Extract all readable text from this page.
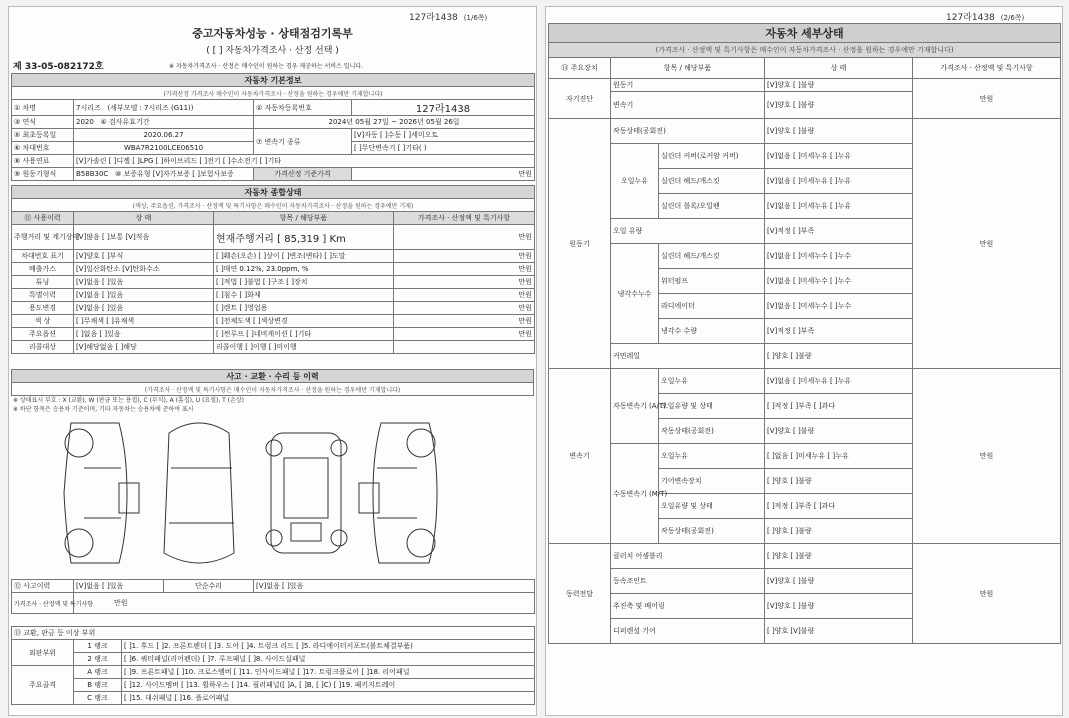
127라1438 (1/6쪽)
중고자동차성능 · 상태점검기록부
( [ ] 자동차가격조사 · 산정 선택 )
제 33-05-082172호	※ 자동차가격조사 · 산정은 매수인이 원하는 경우 제공하는 서비스 입니다.
자동차 기본정보			
(가격산정 가격조사 매수인이 자동차가격조사 · 산정을 원하는 경우에만 기재합니다)			
① 차명	7시리즈 (세부모델 : 7시리즈 (G11))	② 자동차등록번호	127라1438
③ 연식	2020 ④ 검사유효기간	2024년 05월 27일 ~ 2026년 05월 26일	
⑤ 최초등록일	2020.06.27	⑦ 변속기 종류	[V]자동 [ ]수동 [ ]세미오토
⑥ 차대번호	WBA7R2100LCE06510		[ ]무단변속기 [ ]기타( )
⑧ 사용연료	[V]가솔린 [ ]디젤 [ ]LPG [ ]하이브리드 [ ]전기 [ ]수소전기 [ ]기타		
⑨ 원동기형식	B58B30C ⑩ 보증유형 [V]자가보증 [ ]보험사보증	가격산정 기준가격	만원
자동차 종합상태			
(색상, 주요옵션, 가격조사 · 산정액 및 특기사항은 매수인이 자동차가격조사 · 산정을 원하는 경우에만 기재)			
⑪ 사용이력	상 태	항목 / 해당부품	가격조사 · 산정액 및 특기사항
주행거리 및 계기상태	[V]많음 [ ]보통 [V]적음	현재주행거리 [ 85,319 ] Km	만원
차대번호 표기	[V]양호 [ ]부식	[ ]훼손(오손) [ ]상이 [ ]변조(변타) [ ]도말	만원
배출가스	[V]일산화탄소 [V]탄화수소	[ ]매연 0.12%, 23.0ppm, %	만원
튜닝	[V]없음 [ ]있음	[ ]적법 [ ]불법 [ ]구조 [ ]장치	만원
특별이력	[V]없음 [ ]있음	[ ]침수 [ ]화재	만원
용도변경	[V]없음 [ ]있음	[ ]렌트 [ ]영업용	만원
색 상	[ ]무채색 [ ]유채색	[ ]전체도색 [ ]색상변경	만원
주요옵션	[ ]없음 [ ]있음	[ ]썬루프 [ ]네비게이션 [ ]기타	만원
리콜대상	[V]해당없음 [ ]해당	리콜이행 [ ]이행 [ ]미이행	
사고 · 교환 · 수리 등 이력
(가격조사 · 산정액 및 특기사항은 매수인이 자동차가격조사 · 산정을 원하는 경우에만 기재합니다)
※ 상태표시 부호 : X (교환), W (판금 또는 용접), C (부식), A (흠집), U (요철), T (손상)
※ 하단 항목은 승용차 기준이며, 기타 자동차는 승용차에 준하여 표시
⑫ 사고이력	[V]없음 [ ]있음	단순수리	[V]없음 [ ]있음
가격조사 · 산정액 및 특기사항	만원		
⑬ 교환, 판금 등 이상 부위		
외판부위	1 랭크	[ ]1. 후드 [ ]2. 프론트펜더 [ ]3. 도어 [ ]4. 트렁크 리드 [ ]5. 라디에이터서포트(볼트체결부품)
	2 랭크	[ ]6. 쿼터패널(리어펜더) [ ]7. 루프패널 [ ]8. 사이드실패널
주요골격	A 랭크	[ ]9. 프론트패널 [ ]10. 크로스멤버 [ ]11. 인사이드패널 [ ]17. 트렁크플로어 [ ]18. 리어패널
	B 랭크	[ ]12. 사이드멤버 [ ]13. 휠하우스 [ ]14. 필러패널([ ]A, [ ]B, [ ]C) [ ]19. 패키지트레이
	C 랭크	[ ]15. 대쉬패널 [ ]16. 플로어패널
127라1438 (2/6쪽)
자동차 세부상태				
(가격조사 · 산정액 및 특기사항은 매수인이 자동차가격조사 · 산정을 원하는 경우에만 기재합니다)				
⑭ 주요장치	항목 / 해당부품		상 태	가격조사 · 산정액 및 특기사항
자기진단	원동기		[V]양호 [ ]불량	만원
	변속기		[V]양호 [ ]불량	
원동기	작동상태(공회전)		[V]양호 [ ]불량	만원
	오일누유	실린더 커버(로커암 커버)	[V]없음 [ ]미세누유 [ ]누유	
		실린더 헤드/개스킷	[V]없음 [ ]미세누유 [ ]누유	
		실린더 블록/오일팬	[V]없음 [ ]미세누유 [ ]누유	
	오일 유량		[V]적정 [ ]부족	
	냉각수누수	실린더 헤드/개스킷	[V]없음 [ ]미세누수 [ ]누수	
		워터펌프	[V]없음 [ ]미세누수 [ ]누수	
		라디에이터	[V]없음 [ ]미세누수 [ ]누수	
		냉각수 수량	[V]적정 [ ]부족	
	커먼레일		[ ]양호 [ ]불량	
변속기	자동변속기 (A/T)	오일누유	[V]없음 [ ]미세누유 [ ]누유	만원
		오일유량 및 상태	[ ]적정 [ ]부족 [ ]과다	
		작동상태(공회전)	[V]양호 [ ]불량	
	수동변속기 (M/T)	오일누유	[ ]없음 [ ]미세누유 [ ]누유	
		기어변속장치	[ ]양호 [ ]불량	
		오일유량 및 상태	[ ]적정 [ ]부족 [ ]과다	
		작동상태(공회전)	[ ]양호 [ ]불량	
동력전달	클러치 어셈블리		[ ]양호 [ ]불량	만원
	등속조인트		[V]양호 [ ]불량	
	추진축 및 베어링		[V]양호 [ ]불량	
	디퍼렌셜 기어		[ ]양호 [V]불량	
